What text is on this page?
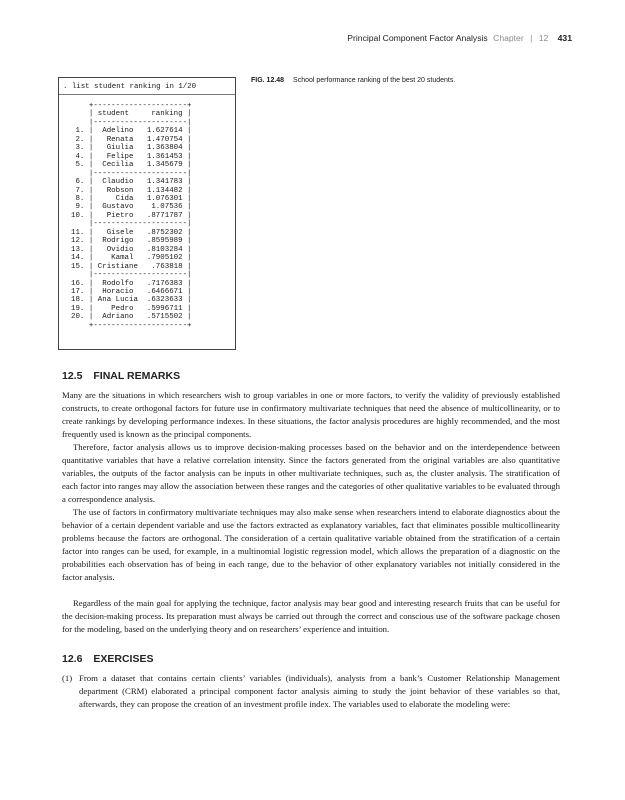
Principal Component Factor Analysis Chapter | 12 431
. list student ranking in 1/20
+---------------------+
| student     ranking |
|---------------------|
1. |  Adelino   1.627614 |
2. |   Renata   1.470754 |
3. |   Giulia   1.363804 |
4. |   Felipe   1.361453 |
5. |  Cecilia   1.345679 |
|---------------------|
6. |  Claudio   1.341783 |
7. |   Robson   1.134482 |
8. |     Cida   1.076301 |
9. |  Gustavo    1.07536 |
10. |   Pietro   .8771787 |
|---------------------|
11. |   Gisele   .8752302 |
12. |  Rodrigo   .8595989 |
13. |   Ovidio   .8103284 |
14. |    Kamal   .7905102 |
15. | Cristiane   .763818 |
|---------------------|
16. |  Rodolfo   .7176383 |
17. |  Horacio   .6466671 |
18. | Ana Lucia  .6323633 |
19. |    Pedro   .5996711 |
20. |  Adriano   .5715502 |
+---------------------+
FIG. 12.48 School performance ranking of the best 20 students.
12.5 FINAL REMARKS

Many are the situations in which researchers wish to group variables in one or more factors, to verify the validity of previously established constructs, to create orthogonal factors for future use in confirmatory multivariate techniques that need the absence of multicollinearity, or to create rankings by developing performance indexes. In these situations, the factor analysis procedures are highly recommended, and the most frequently used is known as the principal components.

Therefore, factor analysis allows us to improve decision-making processes based on the behavior and on the interdependence between quantitative variables that have a relative correlation intensity. Since the factors generated from the original variables are also quantitative variables, the outputs of the factor analysis can be inputs in other multivariate techniques, such as, the cluster analysis. The stratification of each factor into ranges may allow the association between these ranges and the categories of other qualitative variables to be evaluated through a correspondence analysis.

The use of factors in confirmatory multivariate techniques may also make sense when researchers intend to elaborate diagnostics about the behavior of a certain dependent variable and use the factors extracted as explanatory variables, fact that eliminates possible multicollinearity problems because the factors are orthogonal. The consideration of a certain qualitative variable obtained from the stratification of a certain factor into ranges can be used, for example, in a multinomial logistic regression model, which allows the preparation of a diagnostic on the probabilities each observation has of being in each range, due to the behavior of other explanatory variables not initially considered in the factor analysis.

Regardless of the main goal for applying the technique, factor analysis may bear good and interesting research fruits that can be useful for the decision-making process. Its preparation must always be carried out through the correct and conscious use of the software package chosen for the modeling, based on the underlying theory and on researchers’ experience and intuition.

12.6 EXERCISES
(1) From a dataset that contains certain clients’ variables (individuals), analysts from a bank’s Customer Relationship Management department (CRM) elaborated a principal component factor analysis aiming to study the joint behavior of these variables so that, afterwards, they can propose the creation of an investment profile index. The variables used to elaborate the modeling were:
